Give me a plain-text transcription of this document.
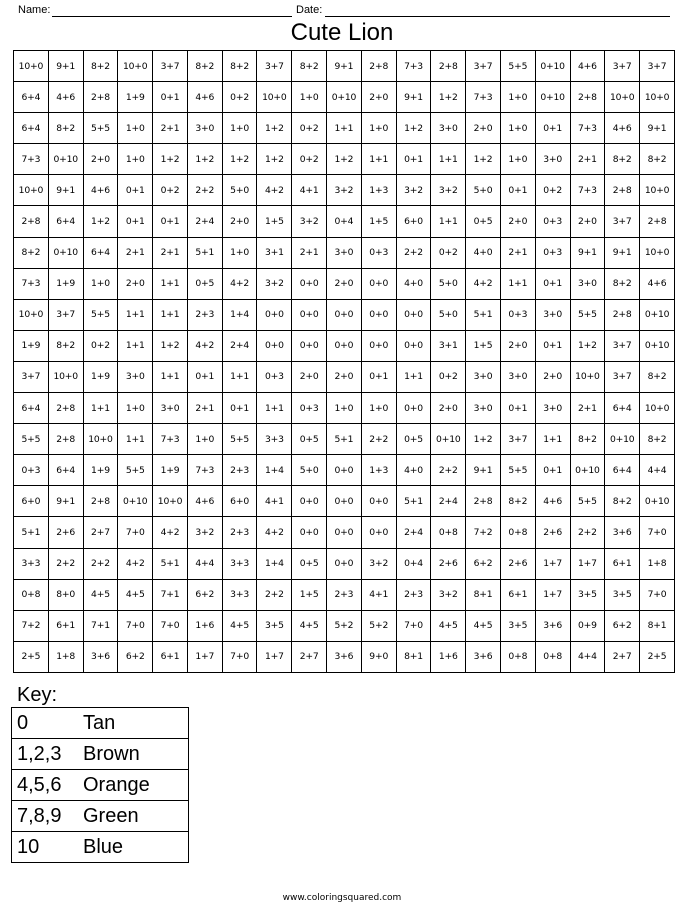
Name:	Date:
Cute Lion
10+0	9+1	8+2	10+0	3+7	8+2	8+2	3+7	8+2	9+1	2+8	7+3	2+8	3+7	5+5	0+10	4+6	3+7	3+7
6+4	4+6	2+8	1+9	0+1	4+6	0+2	10+0	1+0	0+10	2+0	9+1	1+2	7+3	1+0	0+10	2+8	10+0	10+0
6+4	8+2	5+5	1+0	2+1	3+0	1+0	1+2	0+2	1+1	1+0	1+2	3+0	2+0	1+0	0+1	7+3	4+6	9+1
7+3	0+10	2+0	1+0	1+2	1+2	1+2	1+2	0+2	1+2	1+1	0+1	1+1	1+2	1+0	3+0	2+1	8+2	8+2
10+0	9+1	4+6	0+1	0+2	2+2	5+0	4+2	4+1	3+2	1+3	3+2	3+2	5+0	0+1	0+2	7+3	2+8	10+0
2+8	6+4	1+2	0+1	0+1	2+4	2+0	1+5	3+2	0+4	1+5	6+0	1+1	0+5	2+0	0+3	2+0	3+7	2+8
8+2	0+10	6+4	2+1	2+1	5+1	1+0	3+1	2+1	3+0	0+3	2+2	0+2	4+0	2+1	0+3	9+1	9+1	10+0
7+3	1+9	1+0	2+0	1+1	0+5	4+2	3+2	0+0	2+0	0+0	4+0	5+0	4+2	1+1	0+1	3+0	8+2	4+6
10+0	3+7	5+5	1+1	1+1	2+3	1+4	0+0	0+0	0+0	0+0	0+0	5+0	5+1	0+3	3+0	5+5	2+8	0+10
1+9	8+2	0+2	1+1	1+2	4+2	2+4	0+0	0+0	0+0	0+0	0+0	3+1	1+5	2+0	0+1	1+2	3+7	0+10
3+7	10+0	1+9	3+0	1+1	0+1	1+1	0+3	2+0	2+0	0+1	1+1	0+2	3+0	3+0	2+0	10+0	3+7	8+2
6+4	2+8	1+1	1+0	3+0	2+1	0+1	1+1	0+3	1+0	1+0	0+0	2+0	3+0	0+1	3+0	2+1	6+4	10+0
5+5	2+8	10+0	1+1	7+3	1+0	5+5	3+3	0+5	5+1	2+2	0+5	0+10	1+2	3+7	1+1	8+2	0+10	8+2
0+3	6+4	1+9	5+5	1+9	7+3	2+3	1+4	5+0	0+0	1+3	4+0	2+2	9+1	5+5	0+1	0+10	6+4	4+4
6+0	9+1	2+8	0+10	10+0	4+6	6+0	4+1	0+0	0+0	0+0	5+1	2+4	2+8	8+2	4+6	5+5	8+2	0+10
5+1	2+6	2+7	7+0	4+2	3+2	2+3	4+2	0+0	0+0	0+0	2+4	0+8	7+2	0+8	2+6	2+2	3+6	7+0
3+3	2+2	2+2	4+2	5+1	4+4	3+3	1+4	0+5	0+0	3+2	0+4	2+6	6+2	2+6	1+7	1+7	6+1	1+8
0+8	8+0	4+5	4+5	7+1	6+2	3+3	2+2	1+5	2+3	4+1	2+3	3+2	8+1	6+1	1+7	3+5	3+5	7+0
7+2	6+1	7+1	7+0	7+0	1+6	4+5	3+5	4+5	5+2	5+2	7+0	4+5	4+5	3+5	3+6	0+9	6+2	8+1
2+5	1+8	3+6	6+2	6+1	1+7	7+0	1+7	2+7	3+6	9+0	8+1	1+6	3+6	0+8	0+8	4+4	2+7	2+5
Key:
0	Tan
1,2,3	Brown
4,5,6	Orange
7,8,9	Green
10	Blue
www.coloringsquared.com
